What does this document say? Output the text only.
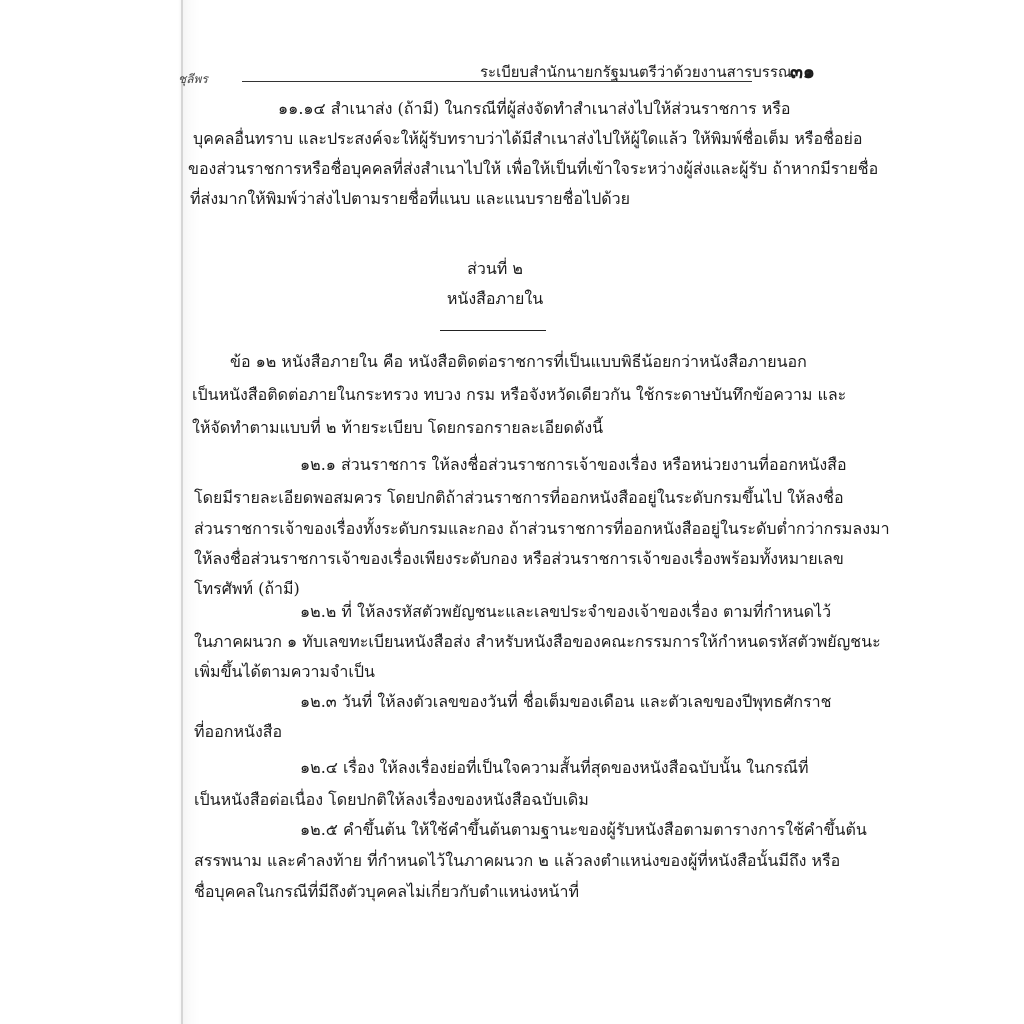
ชุลีพร	ระเบียบสำนักนายกรัฐมนตรีว่าด้วยงานสารบรรณ
๓๑
๑๑.๑๔ สำเนาส่ง (ถ้ามี) ในกรณีที่ผู้ส่งจัดทำสำเนาส่งไปให้ส่วนราชการ หรือ
บุคคลอื่นทราบ และประสงค์จะให้ผู้รับทราบว่าได้มีสำเนาส่งไปให้ผู้ใดแล้ว ให้พิมพ์ชื่อเต็ม หรือชื่อย่อ
ของส่วนราชการหรือชื่อบุคคลที่ส่งสำเนาไปให้ เพื่อให้เป็นที่เข้าใจระหว่างผู้ส่งและผู้รับ ถ้าหากมีรายชื่อ
ที่ส่งมากให้พิมพ์ว่าส่งไปตามรายชื่อที่แนบ และแนบรายชื่อไปด้วย
ส่วนที่ ๒
หนังสือภายใน
ข้อ ๑๒ หนังสือภายใน คือ หนังสือติดต่อราชการที่เป็นแบบพิธีน้อยกว่าหนังสือภายนอก
เป็นหนังสือติดต่อภายในกระทรวง ทบวง กรม หรือจังหวัดเดียวกัน ใช้กระดาษบันทึกข้อความ และ
ให้จัดทำตามแบบที่ ๒ ท้ายระเบียบ โดยกรอกรายละเอียดดังนี้
๑๒.๑ ส่วนราชการ ให้ลงชื่อส่วนราชการเจ้าของเรื่อง หรือหน่วยงานที่ออกหนังสือ
โดยมีรายละเอียดพอสมควร โดยปกติถ้าส่วนราชการที่ออกหนังสืออยู่ในระดับกรมขึ้นไป ให้ลงชื่อ
ส่วนราชการเจ้าของเรื่องทั้งระดับกรมและกอง ถ้าส่วนราชการที่ออกหนังสืออยู่ในระดับต่ำกว่ากรมลงมา
ให้ลงชื่อส่วนราชการเจ้าของเรื่องเพียงระดับกอง หรือส่วนราชการเจ้าของเรื่องพร้อมทั้งหมายเลข
โทรศัพท์ (ถ้ามี)
๑๒.๒ ที่ ให้ลงรหัสตัวพยัญชนะและเลขประจำของเจ้าของเรื่อง ตามที่กำหนดไว้
ในภาคผนวก ๑ ทับเลขทะเบียนหนังสือส่ง สำหรับหนังสือของคณะกรรมการให้กำหนดรหัสตัวพยัญชนะ
เพิ่มขึ้นได้ตามความจำเป็น
๑๒.๓ วันที่ ให้ลงตัวเลขของวันที่ ชื่อเต็มของเดือน และตัวเลขของปีพุทธศักราช
ที่ออกหนังสือ
๑๒.๔ เรื่อง ให้ลงเรื่องย่อที่เป็นใจความสั้นที่สุดของหนังสือฉบับนั้น ในกรณีที่
เป็นหนังสือต่อเนื่อง โดยปกติให้ลงเรื่องของหนังสือฉบับเดิม
๑๒.๕ คำขึ้นต้น ให้ใช้คำขึ้นต้นตามฐานะของผู้รับหนังสือตามตารางการใช้คำขึ้นต้น
สรรพนาม และคำลงท้าย ที่กำหนดไว้ในภาคผนวก ๒ แล้วลงตำแหน่งของผู้ที่หนังสือนั้นมีถึง หรือ
ชื่อบุคคลในกรณีที่มีถึงตัวบุคคลไม่เกี่ยวกับตำแหน่งหน้าที่
